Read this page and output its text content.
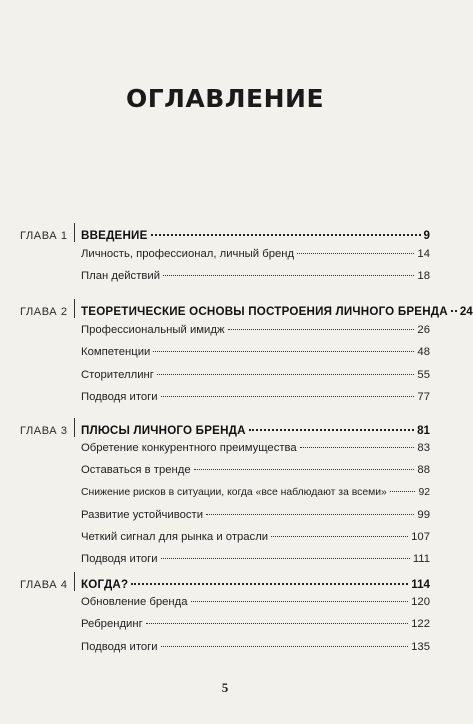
ОГЛАВЛЕНИЕ
ГЛАВА 1 ВВЕДЕНИЕ	9
Личность, профессионал, личный бренд	14
План действий	18
ГЛАВА 2 ТЕОРЕТИЧЕСКИЕ ОСНОВЫ ПОСТРОЕНИЯ ЛИЧНОГО БРЕНДА 24
Профессиональный имидж	26
Компетенции	48
Сторителлинг	55
Подводя итоги	77
ГЛАВА 3 ПЛЮСЫ ЛИЧНОГО БРЕНДА	81
Обретение конкурентного преимущества	83
Оставаться в тренде	88
Снижение рисков в ситуации, когда «все наблюдают за всеми»	92
Развитие устойчивости	99
Четкий сигнал для рынка и отрасли	107
Подводя итоги	111
ГЛАВА 4 КОГДА?	114
Обновление бренда	120
Ребрендинг	122
Подводя итоги	135
5
